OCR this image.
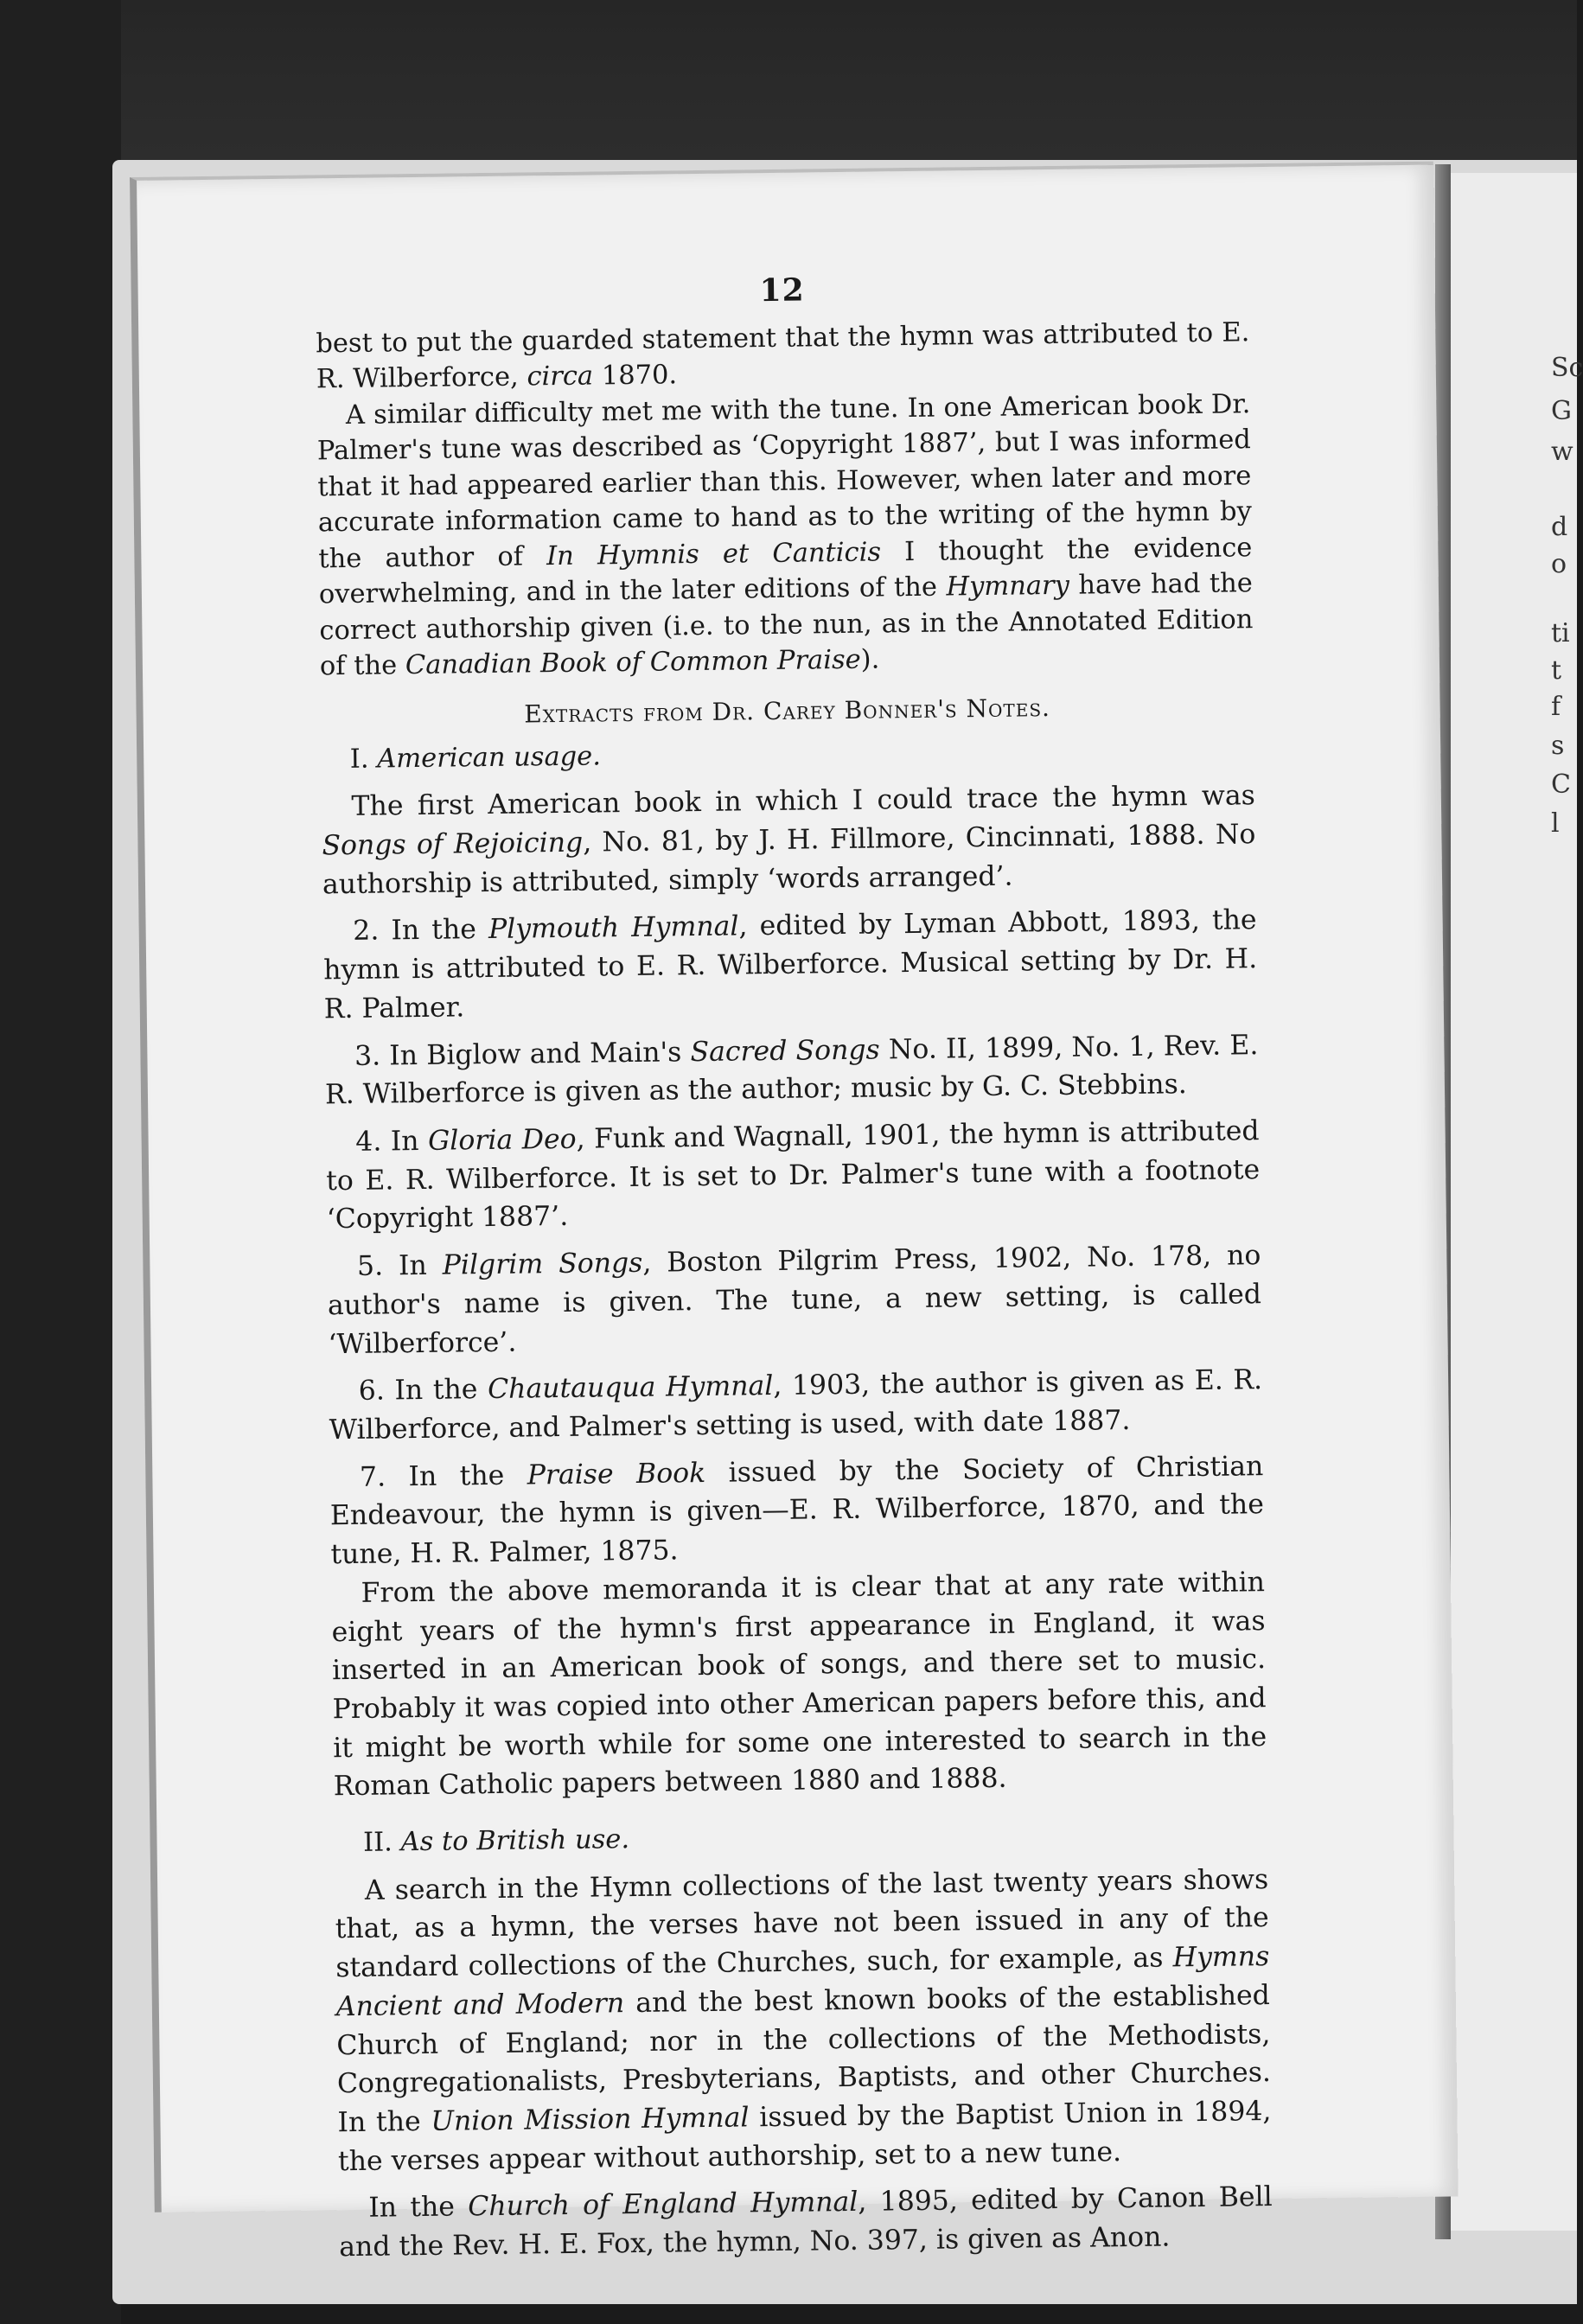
Sc
G
w
d
o
ti
t
f
s
C
l
12

best to put the guarded statement that the hymn was attributed to E. R. Wilberforce, circa 1870.

A similar difficulty met me with the tune. In one American book Dr. Palmer's tune was described as ‘Copyright 1887’, but I was informed that it had appeared earlier than this. However, when later and more accurate information came to hand as to the writing of the hymn by the author of In Hymnis et Canticis I thought the evidence overwhelming, and in the later editions of the Hymnary have had the correct authorship given (i.e. to the nun, as in the Annotated Edition of the Canadian Book of Common Praise).

Extracts from Dr. Carey Bonner's Notes.

I. American usage.

The first American book in which I could trace the hymn was Songs of Rejoicing, No. 81, by J. H. Fillmore, Cincinnati, 1888. No authorship is attributed, simply ‘words arranged’.

2. In the Plymouth Hymnal, edited by Lyman Abbott, 1893, the hymn is attributed to E. R. Wilberforce. Musical setting by Dr. H. R. Palmer.

3. In Biglow and Main's Sacred Songs No. II, 1899, No. 1, Rev. E. R. Wilberforce is given as the author; music by G. C. Stebbins.

4. In Gloria Deo, Funk and Wagnall, 1901, the hymn is attributed to E. R. Wilberforce. It is set to Dr. Palmer's tune with a footnote ‘Copyright 1887’.

5. In Pilgrim Songs, Boston Pilgrim Press, 1902, No. 178, no author's name is given. The tune, a new setting, is called ‘Wilberforce’.

6. In the Chautauqua Hymnal, 1903, the author is given as E. R. Wilberforce, and Palmer's setting is used, with date 1887.

7. In the Praise Book issued by the Society of Christian Endeavour, the hymn is given—E. R. Wilberforce, 1870, and the tune, H. R. Palmer, 1875.

From the above memoranda it is clear that at any rate within eight years of the hymn's first appearance in England, it was inserted in an American book of songs, and there set to music. Probably it was copied into other American papers before this, and it might be worth while for some one interested to search in the Roman Catholic papers between 1880 and 1888.

II. As to British use.

A search in the Hymn collections of the last twenty years shows that, as a hymn, the verses have not been issued in any of the standard collections of the Churches, such, for example, as Hymns Ancient and Modern and the best known books of the established Church of England; nor in the collections of the Methodists, Congregationalists, Presbyterians, Baptists, and other Churches. In the Union Mission Hymnal issued by the Baptist Union in 1894, the verses appear without authorship, set to a new tune.

In the Church of England Hymnal, 1895, edited by Canon Bell and the Rev. H. E. Fox, the hymn, No. 397, is given as Anon.
